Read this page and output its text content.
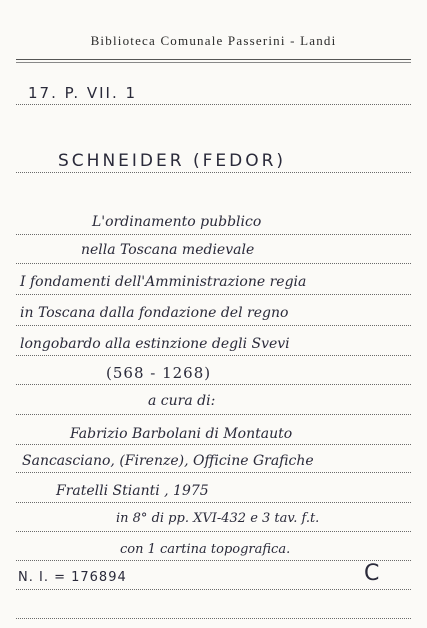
Biblioteca Comunale Passerini - Landi
17. P. VII. 1
SCHNEIDER (FEDOR)
L'ordinamento pubblico
nella Toscana medievale
I fondamenti dell'Amministrazione regia
in Toscana dalla fondazione del regno
longobardo alla estinzione degli Svevi
(568 - 1268)
a cura di:
Fabrizio Barbolani di Montauto
Sancasciano, (Firenze), Officine Grafiche
Fratelli Stianti , 1975
in 8° di pp. XVI-432 e 3 tav. f.t.
con 1 cartina topografica.
N. I. = 176894	C
